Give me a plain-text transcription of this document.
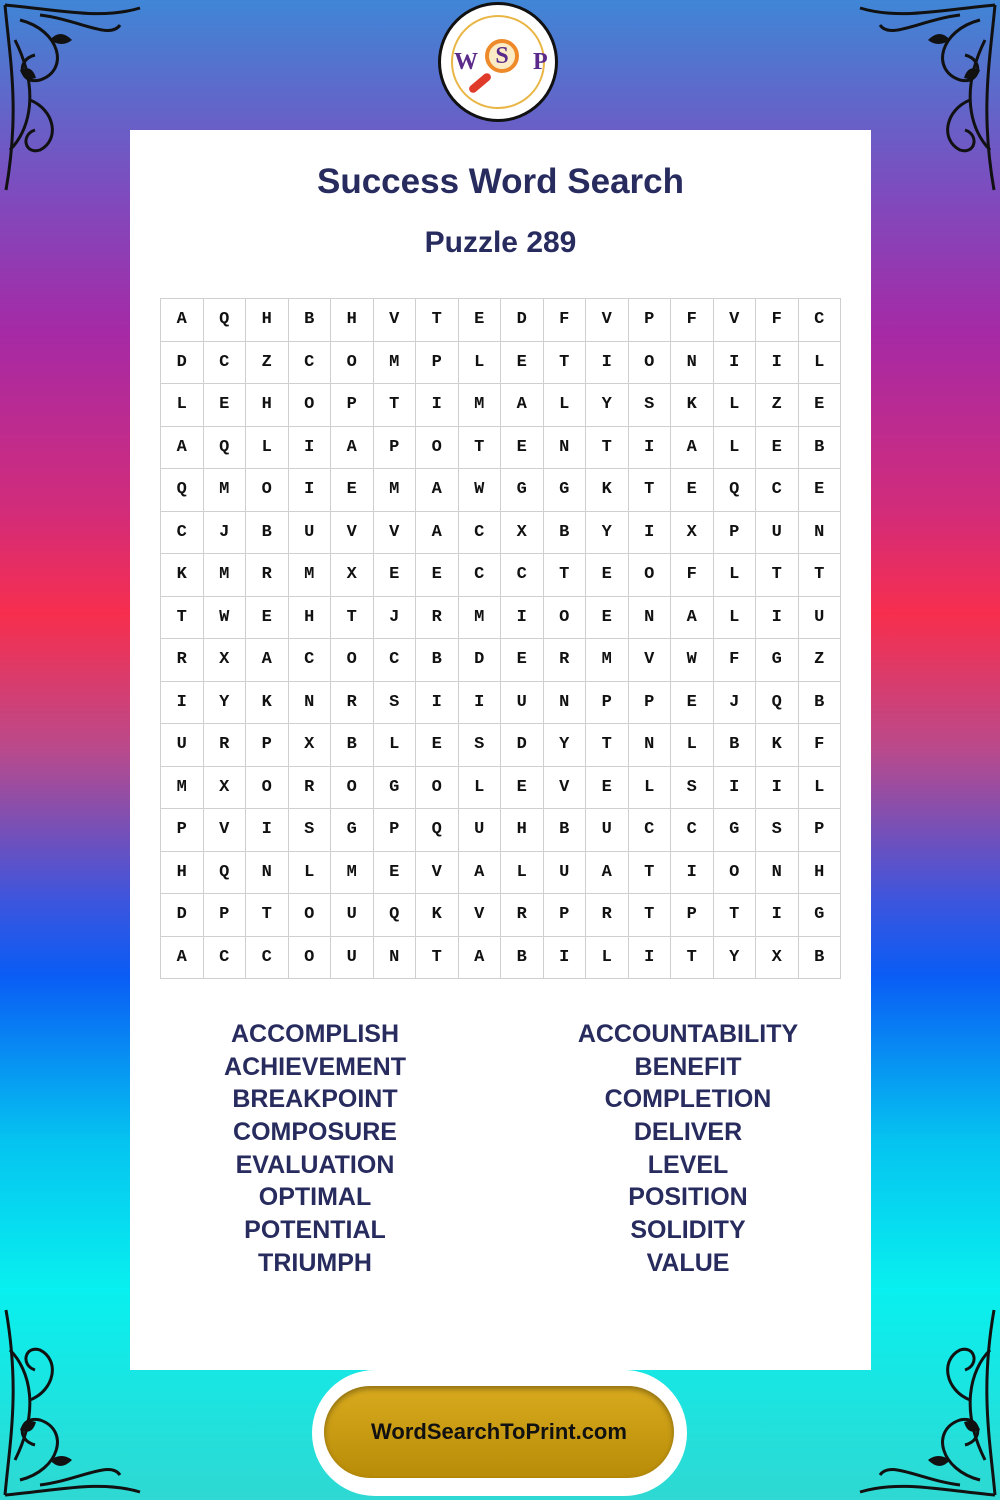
Success Word Search
Puzzle 289
A	Q	H	B	H	V	T	E	D	F	V	P	F	V	F	C
D	C	Z	C	O	M	P	L	E	T	I	O	N	I	I	L
L	E	H	O	P	T	I	M	A	L	Y	S	K	L	Z	E
A	Q	L	I	A	P	O	T	E	N	T	I	A	L	E	B
Q	M	O	I	E	M	A	W	G	G	K	T	E	Q	C	E
C	J	B	U	V	V	A	C	X	B	Y	I	X	P	U	N
K	M	R	M	X	E	E	C	C	T	E	O	F	L	T	T
T	W	E	H	T	J	R	M	I	O	E	N	A	L	I	U
R	X	A	C	O	C	B	D	E	R	M	V	W	F	G	Z
I	Y	K	N	R	S	I	I	U	N	P	P	E	J	Q	B
U	R	P	X	B	L	E	S	D	Y	T	N	L	B	K	F
M	X	O	R	O	G	O	L	E	V	E	L	S	I	I	L
P	V	I	S	G	P	Q	U	H	B	U	C	C	G	S	P
H	Q	N	L	M	E	V	A	L	U	A	T	I	O	N	H
D	P	T	O	U	Q	K	V	R	P	R	T	P	T	I	G
A	C	C	O	U	N	T	A	B	I	L	I	T	Y	X	B
ACCOMPLISH
ACHIEVEMENT
BREAKPOINT
COMPOSURE
EVALUATION
OPTIMAL
POTENTIAL
TRIUMPH
ACCOUNTABILITY
BENEFIT
COMPLETION
DELIVER
LEVEL
POSITION
SOLIDITY
VALUE
W S	P
WordSearchToPrint.com
